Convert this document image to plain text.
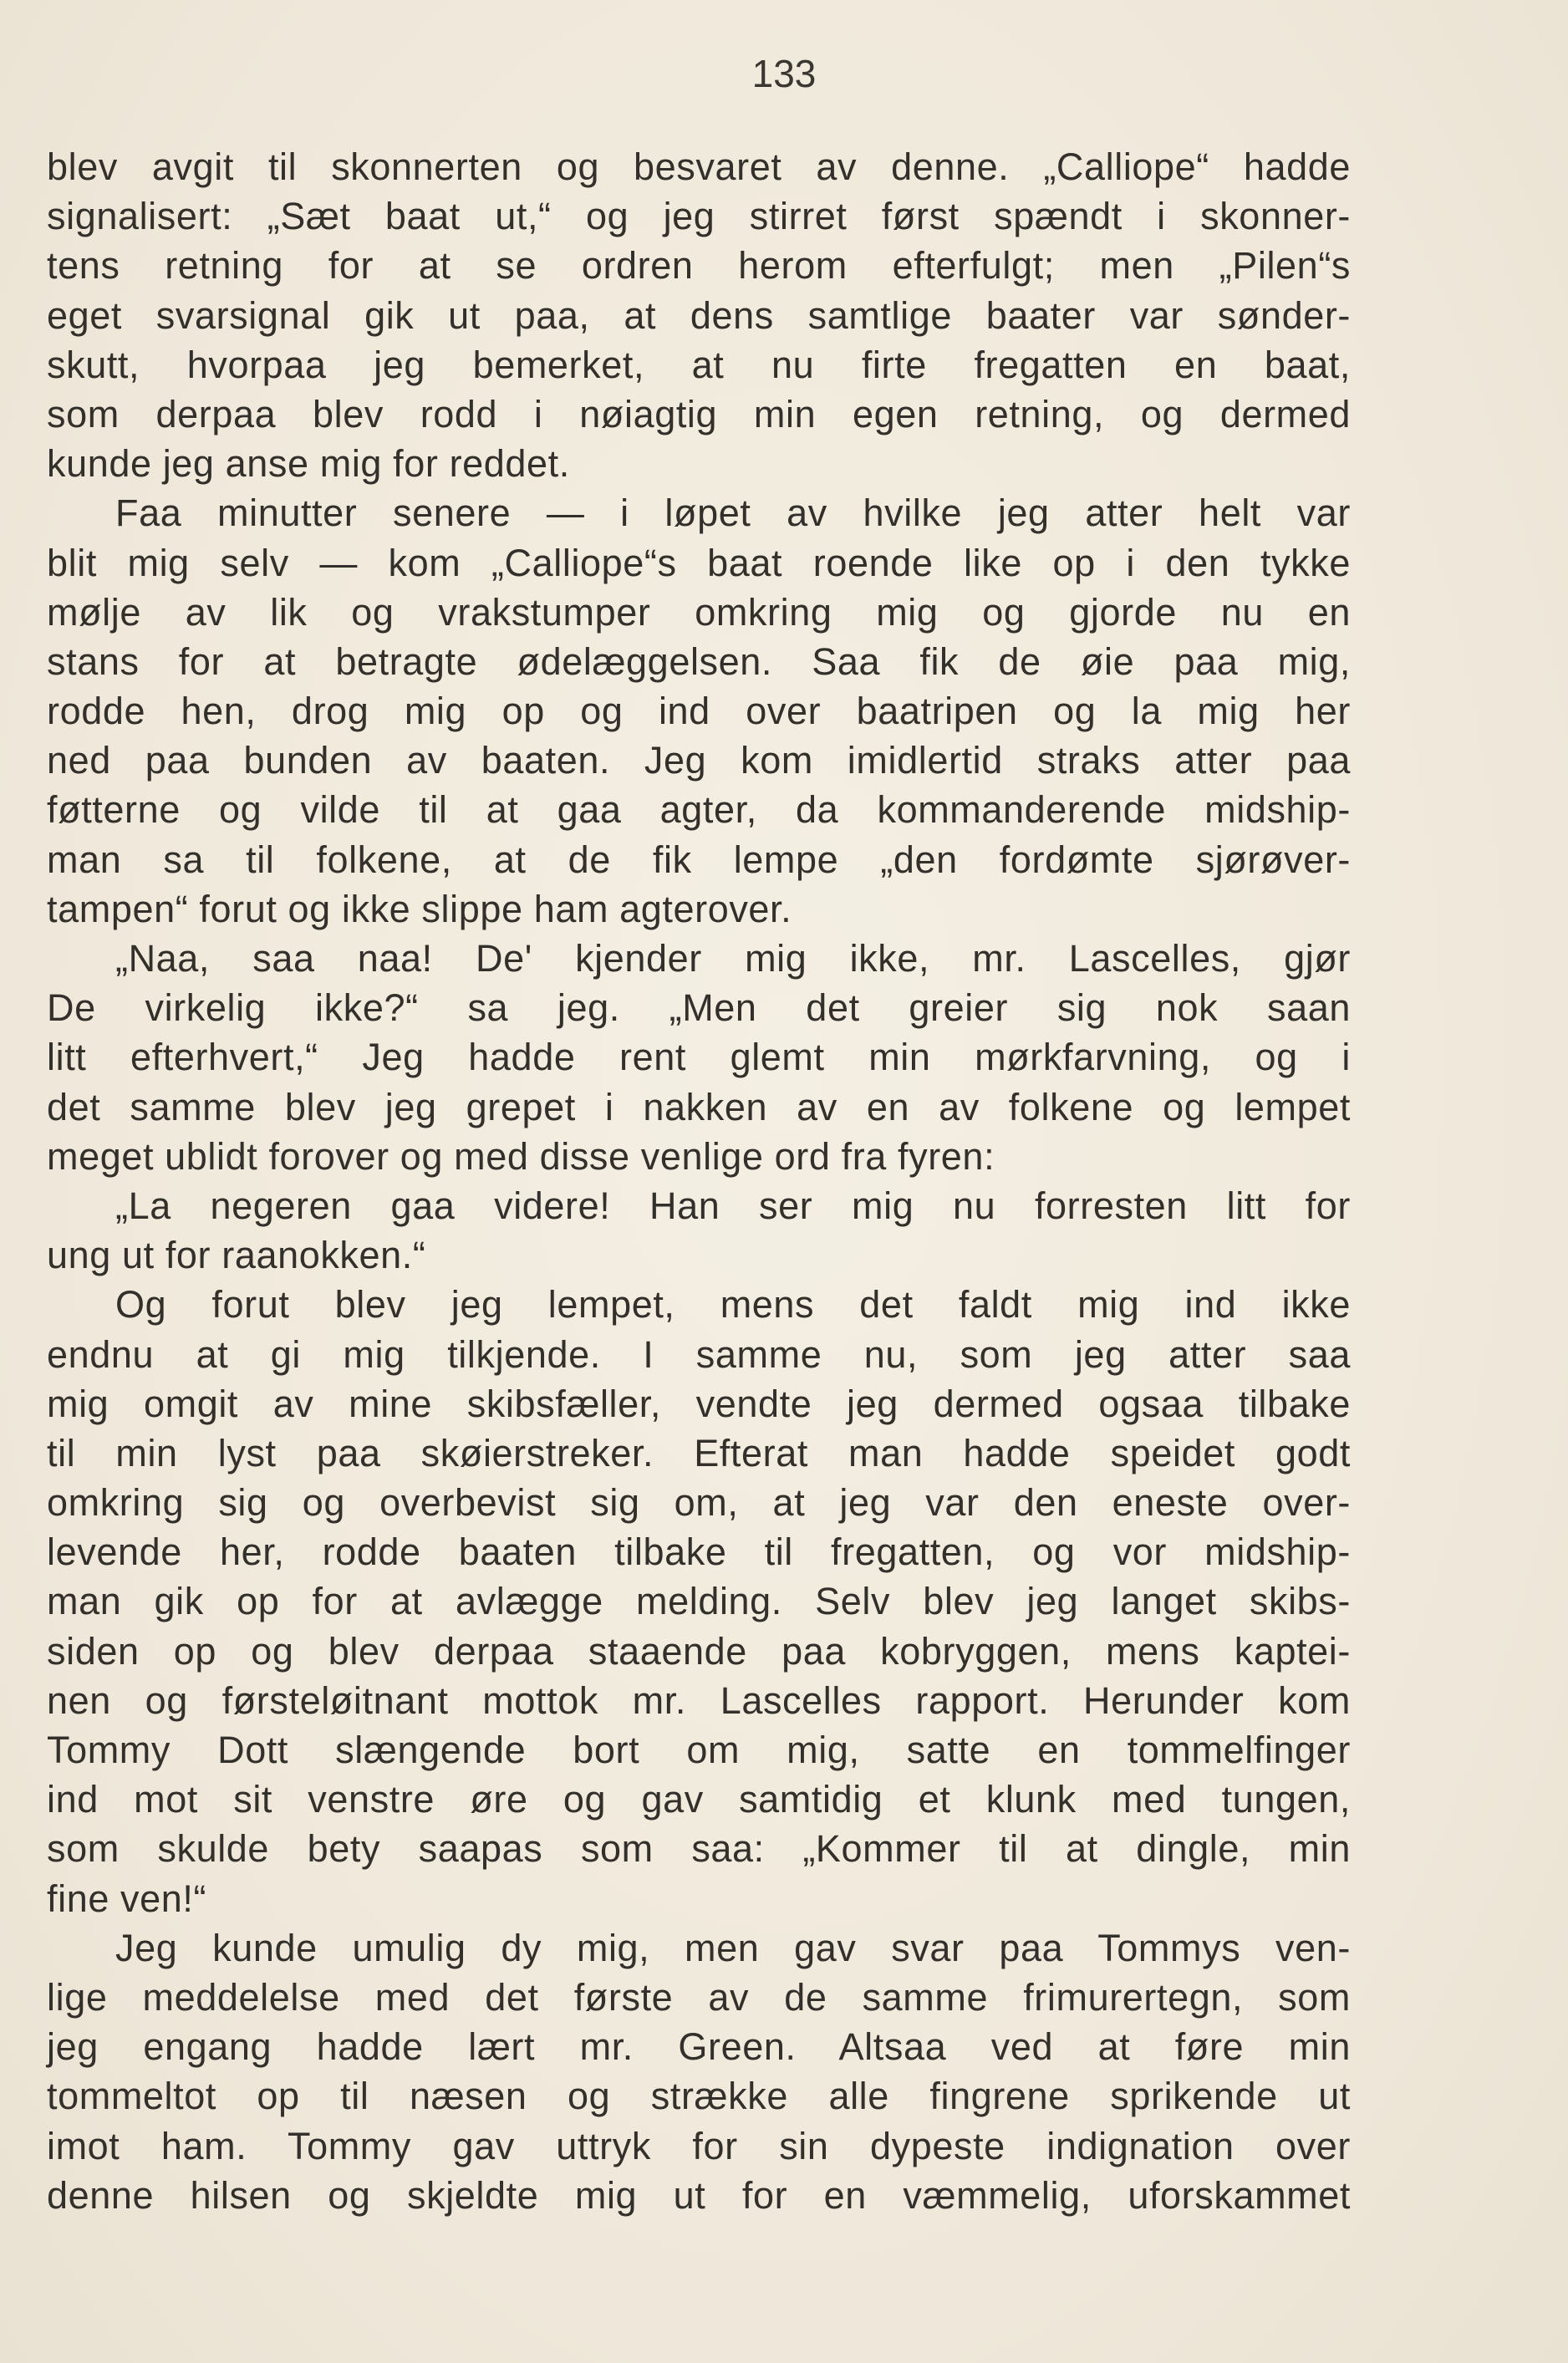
133
blev avgit til skonnerten og besvaret av denne. „Calliope“ hadde
signalisert: „Sæt baat ut,“ og jeg stirret først spændt i skonner-
tens retning for at se ordren herom efterfulgt; men „Pilen“s
eget svarsignal gik ut paa, at dens samtlige baater var sønder-
skutt, hvorpaa jeg bemerket, at nu firte fregatten en baat,
som derpaa blev rodd i nøiagtig min egen retning, og dermed
kunde jeg anse mig for reddet.
Faa minutter senere — i løpet av hvilke jeg atter helt var
blit mig selv — kom „Calliope“s baat roende like op i den tykke
mølje av lik og vrakstumper omkring mig og gjorde nu en
stans for at betragte ødelæggelsen. Saa fik de øie paa mig,
rodde hen, drog mig op og ind over baatripen og la mig her
ned paa bunden av baaten. Jeg kom imidlertid straks atter paa
føtterne og vilde til at gaa agter, da kommanderende midship-
man sa til folkene, at de fik lempe „den fordømte sjørøver-
tampen“ forut og ikke slippe ham agterover.
„Naa, saa naa! De' kjender mig ikke, mr. Lascelles, gjør
De virkelig ikke?“ sa jeg. „Men det greier sig nok saan
litt efterhvert,“ Jeg hadde rent glemt min mørkfarvning, og i
det samme blev jeg grepet i nakken av en av folkene og lempet
meget ublidt forover og med disse venlige ord fra fyren:
„La negeren gaa videre! Han ser mig nu forresten litt for
ung ut for raanokken.“
Og forut blev jeg lempet, mens det faldt mig ind ikke
endnu at gi mig tilkjende. I samme nu, som jeg atter saa
mig omgit av mine skibsfæller, vendte jeg dermed ogsaa tilbake
til min lyst paa skøierstreker. Efterat man hadde speidet godt
omkring sig og overbevist sig om, at jeg var den eneste over-
levende her, rodde baaten tilbake til fregatten, og vor midship-
man gik op for at avlægge melding. Selv blev jeg langet skibs-
siden op og blev derpaa staaende paa kobryggen, mens kaptei-
nen og førsteløitnant mottok mr. Lascelles rapport. Herunder kom
Tommy Dott slængende bort om mig, satte en tommelfinger
ind mot sit venstre øre og gav samtidig et klunk med tungen,
som skulde bety saapas som saa: „Kommer til at dingle, min
fine ven!“
Jeg kunde umulig dy mig, men gav svar paa Tommys ven-
lige meddelelse med det første av de samme frimurertegn, som
jeg engang hadde lært mr. Green. Altsaa ved at føre min
tommeltot op til næsen og strække alle fingrene sprikende ut
imot ham. Tommy gav uttryk for sin dypeste indignation over
denne hilsen og skjeldte mig ut for en væmmelig, uforskammet
